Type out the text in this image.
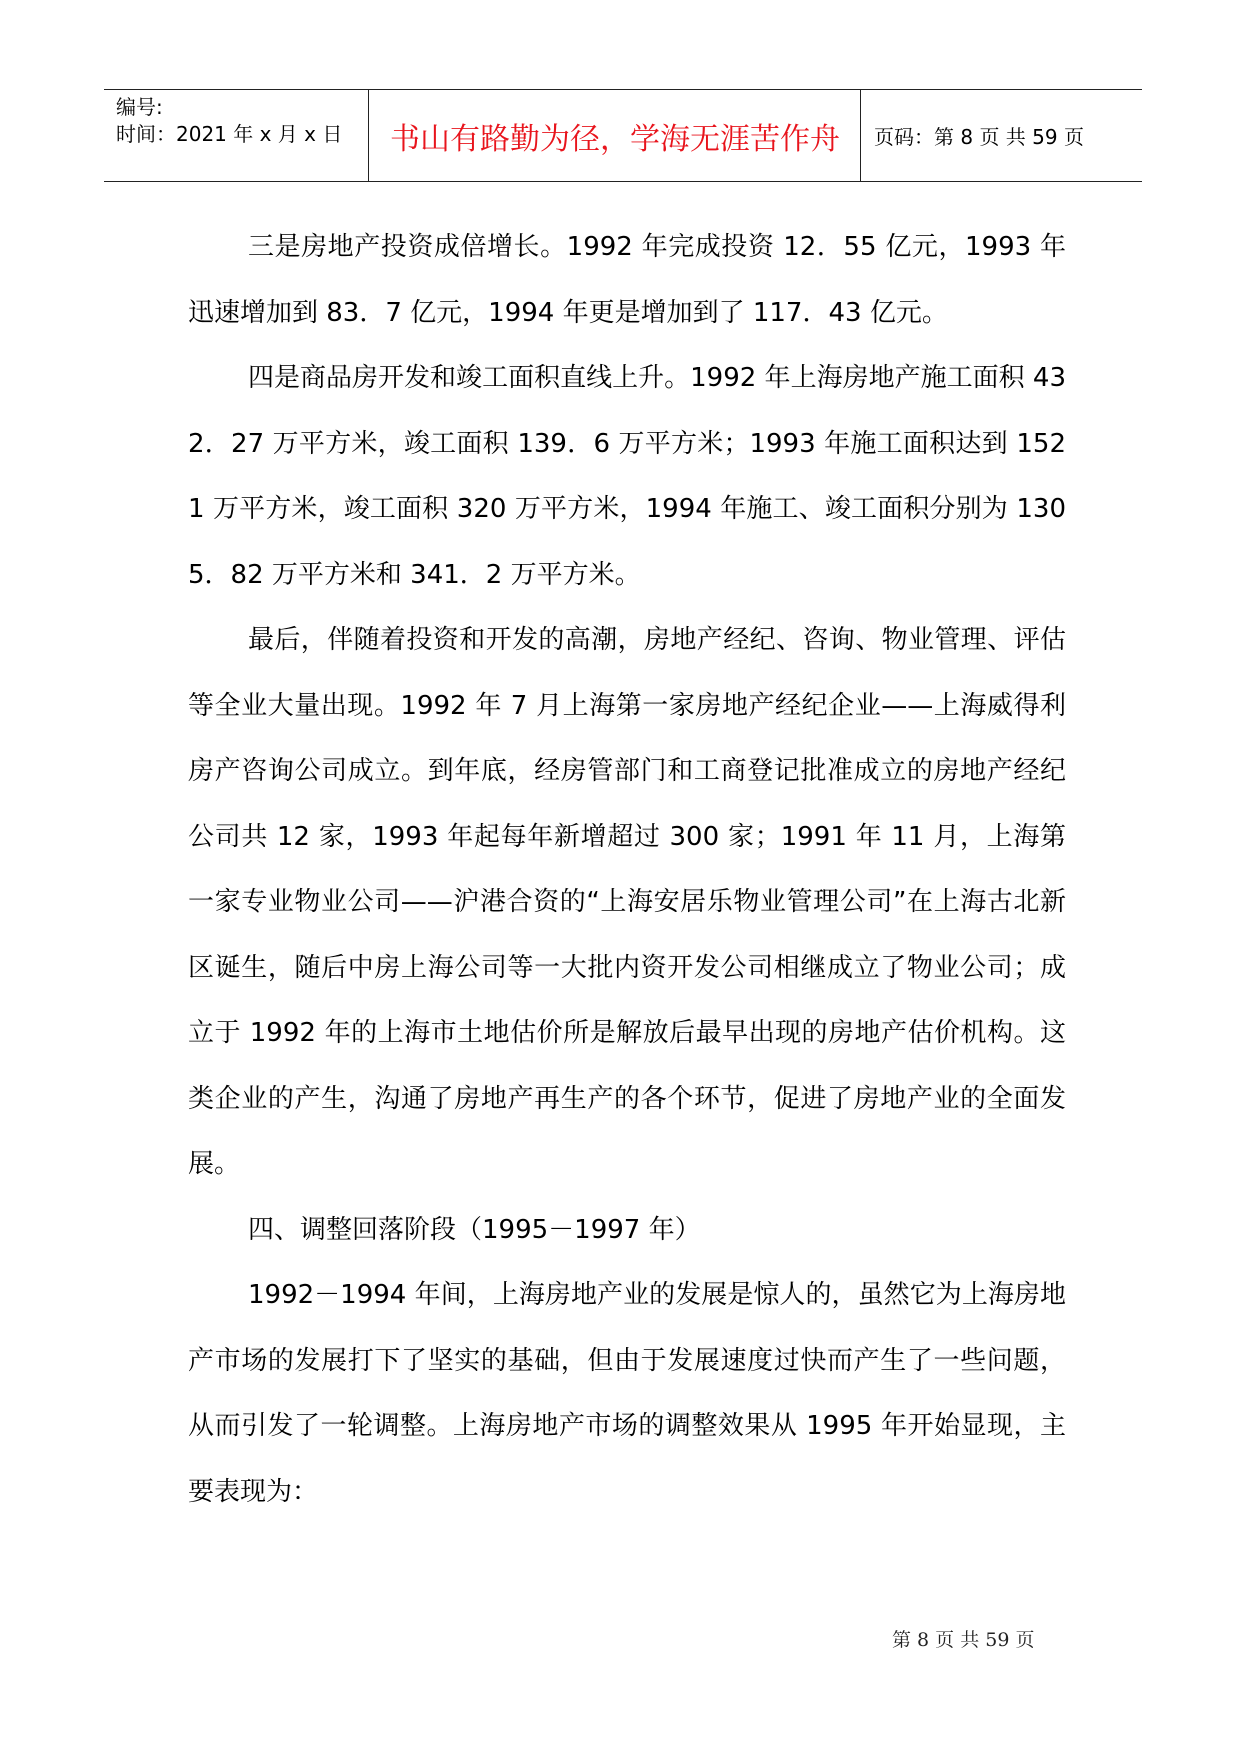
编号:
时间：2021 年 x 月 x 日	书山有路勤为径，学海无涯苦作舟	页码：第 8 页 共 59 页

三是房地产投资成倍增长。1992 年完成投资 12．55 亿元，1993 年迅速增加到 83．7 亿元，1994 年更是增加到了 117．43 亿元。

四是商品房开发和竣工面积直线上升。1992 年上海房地产施工面积 432．27 万平方米，竣工面积 139．6 万平方米；1993 年施工面积达到 1521 万平方米，竣工面积 320 万平方米，1994 年施工、竣工面积分别为 1305．82 万平方米和 341．2 万平方米。

最后，伴随着投资和开发的高潮，房地产经纪、咨询、物业管理、评估等全业大量出现。1992 年 7 月上海第一家房地产经纪企业——上海威得利房产咨询公司成立。到年底，经房管部门和工商登记批准成立的房地产经纪公司共 12 家，1993 年起每年新增超过 300 家；1991 年 11 月，上海第一家专业物业公司——沪港合资的“上海安居乐物业管理公司”在上海古北新区诞生，随后中房上海公司等一大批内资开发公司相继成立了物业公司；成立于 1992 年的上海市土地估价所是解放后最早出现的房地产估价机构。这类企业的产生，沟通了房地产再生产的各个环节，促进了房地产业的全面发展。

四、调整回落阶段（1995－1997 年）

1992－1994 年间，上海房地产业的发展是惊人的，虽然它为上海房地产市场的发展打下了坚实的基础，但由于发展速度过快而产生了一些问题，从而引发了一轮调整。上海房地产市场的调整效果从 1995 年开始显现，主要表现为：

第 8 页 共 59 页
